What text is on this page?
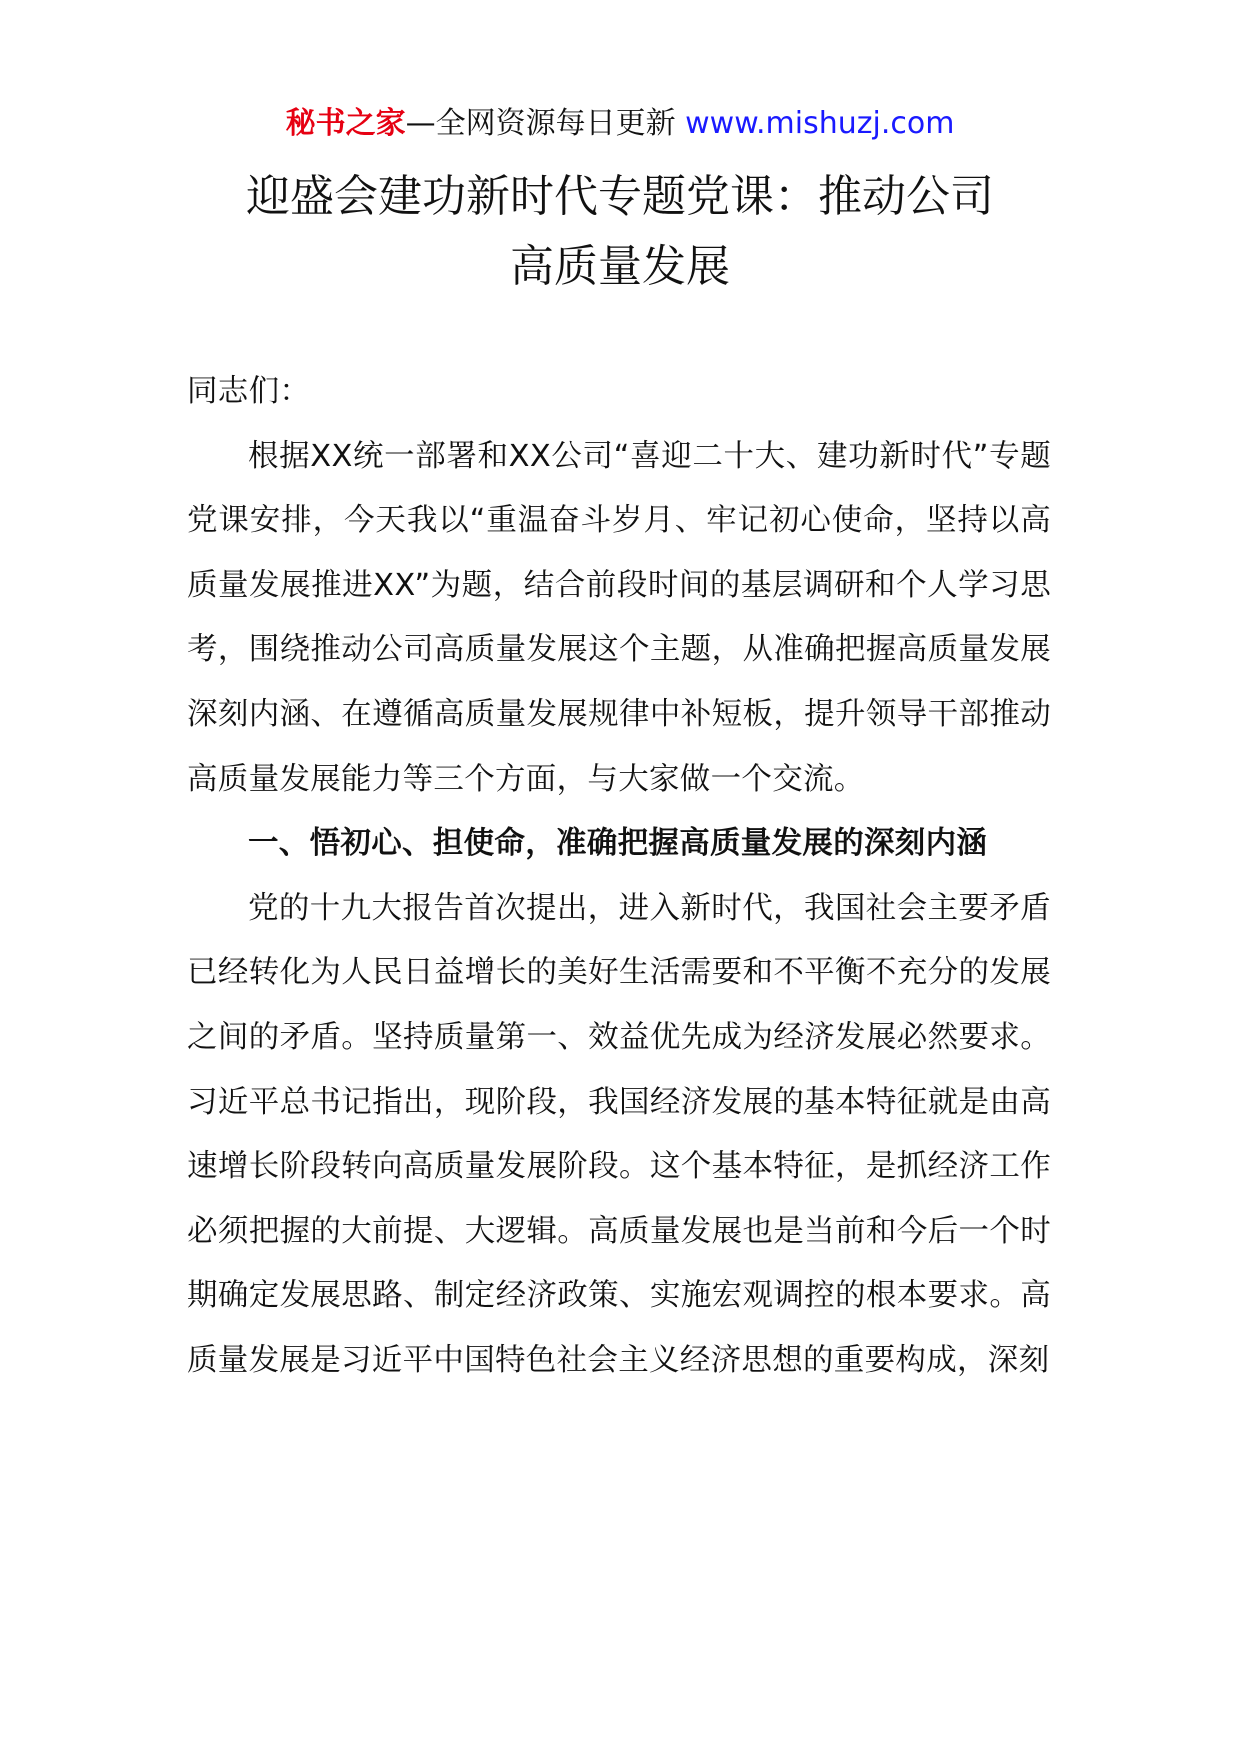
秘书之家—全网资源每日更新 www.mishuzj.com
迎盛会建功新时代专题党课：推动公司
高质量发展

同志们：

根据XX统一部署和XX公司“喜迎二十大、建功新时代”专题党课安排，今天我以“重温奋斗岁月、牢记初心使命，坚持以高质量发展推进XX”为题，结合前段时间的基层调研和个人学习思考，围绕推动公司高质量发展这个主题，从准确把握高质量发展深刻内涵、在遵循高质量发展规律中补短板，提升领导干部推动高质量发展能力等三个方面，与大家做一个交流。

一、悟初心、担使命，准确把握高质量发展的深刻内涵

党的十九大报告首次提出，进入新时代，我国社会主要矛盾已经转化为人民日益增长的美好生活需要和不平衡不充分的发展之间的矛盾。坚持质量第一、效益优先成为经济发展必然要求。习近平总书记指出，现阶段，我国经济发展的基本特征就是由高速增长阶段转向高质量发展阶段。这个基本特征，是抓经济工作必须把握的大前提、大逻辑。高质量发展也是当前和今后一个时期确定发展思路、制定经济政策、实施宏观调控的根本要求。高质量发展是习近平中国特色社会主义经济思想的重要构成，深刻
